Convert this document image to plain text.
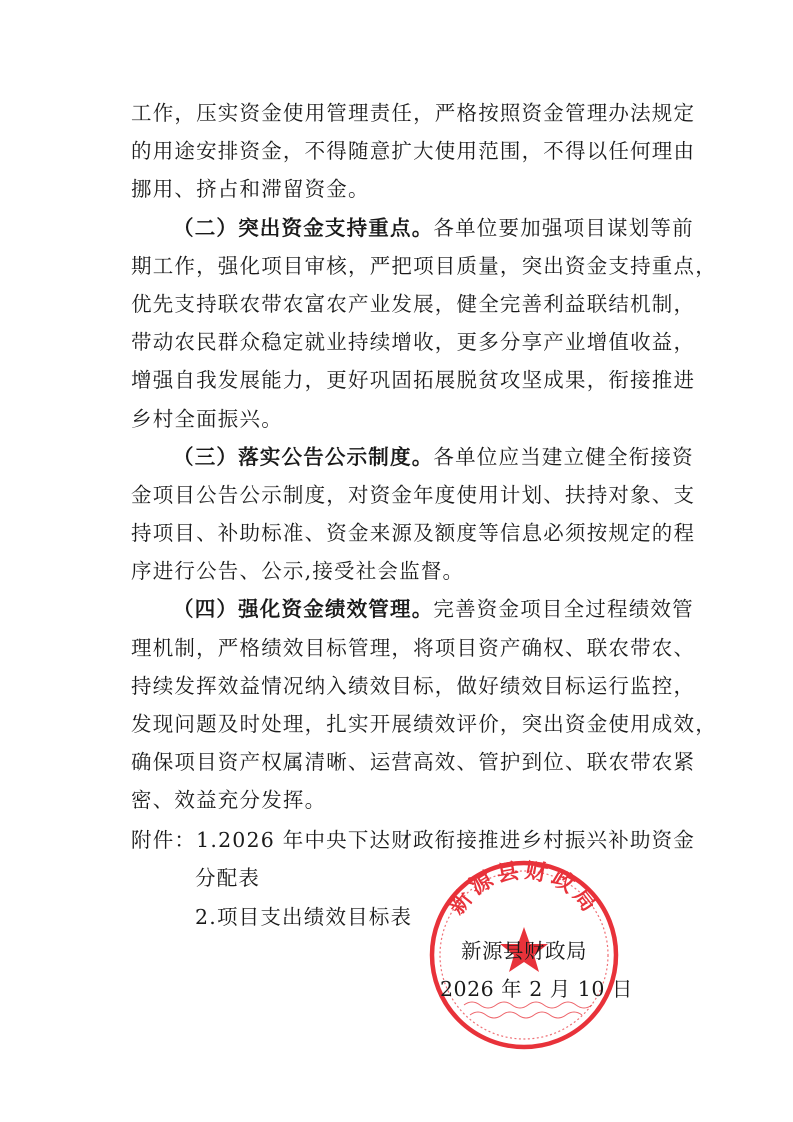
工作，压实资金使用管理责任，严格按照资金管理办法规定
的用途安排资金，不得随意扩大使用范围，不得以任何理由
挪用、挤占和滞留资金。
（二）突出资金支持重点。各单位要加强项目谋划等前
期工作，强化项目审核，严把项目质量，突出资金支持重点，
优先支持联农带农富农产业发展，健全完善利益联结机制，
带动农民群众稳定就业持续增收，更多分享产业增值收益，
增强自我发展能力，更好巩固拓展脱贫攻坚成果，衔接推进
乡村全面振兴。
（三）落实公告公示制度。各单位应当建立健全衔接资
金项目公告公示制度，对资金年度使用计划、扶持对象、支
持项目、补助标准、资金来源及额度等信息必须按规定的程
序进行公告、公示,接受社会监督。
（四）强化资金绩效管理。完善资金项目全过程绩效管
理机制，严格绩效目标管理，将项目资产确权、联农带农、
持续发挥效益情况纳入绩效目标，做好绩效目标运行监控，
发现问题及时处理，扎实开展绩效评价，突出资金使用成效，
确保项目资产权属清晰、运营高效、管护到位、联农带农紧
密、效益充分发挥。
附件：1.2026 年中央下达财政衔接推进乡村振兴补助资金
分配表
2.项目支出绩效目标表 新源县财政局
新源县财政局
2026 年 2 月 10 日
